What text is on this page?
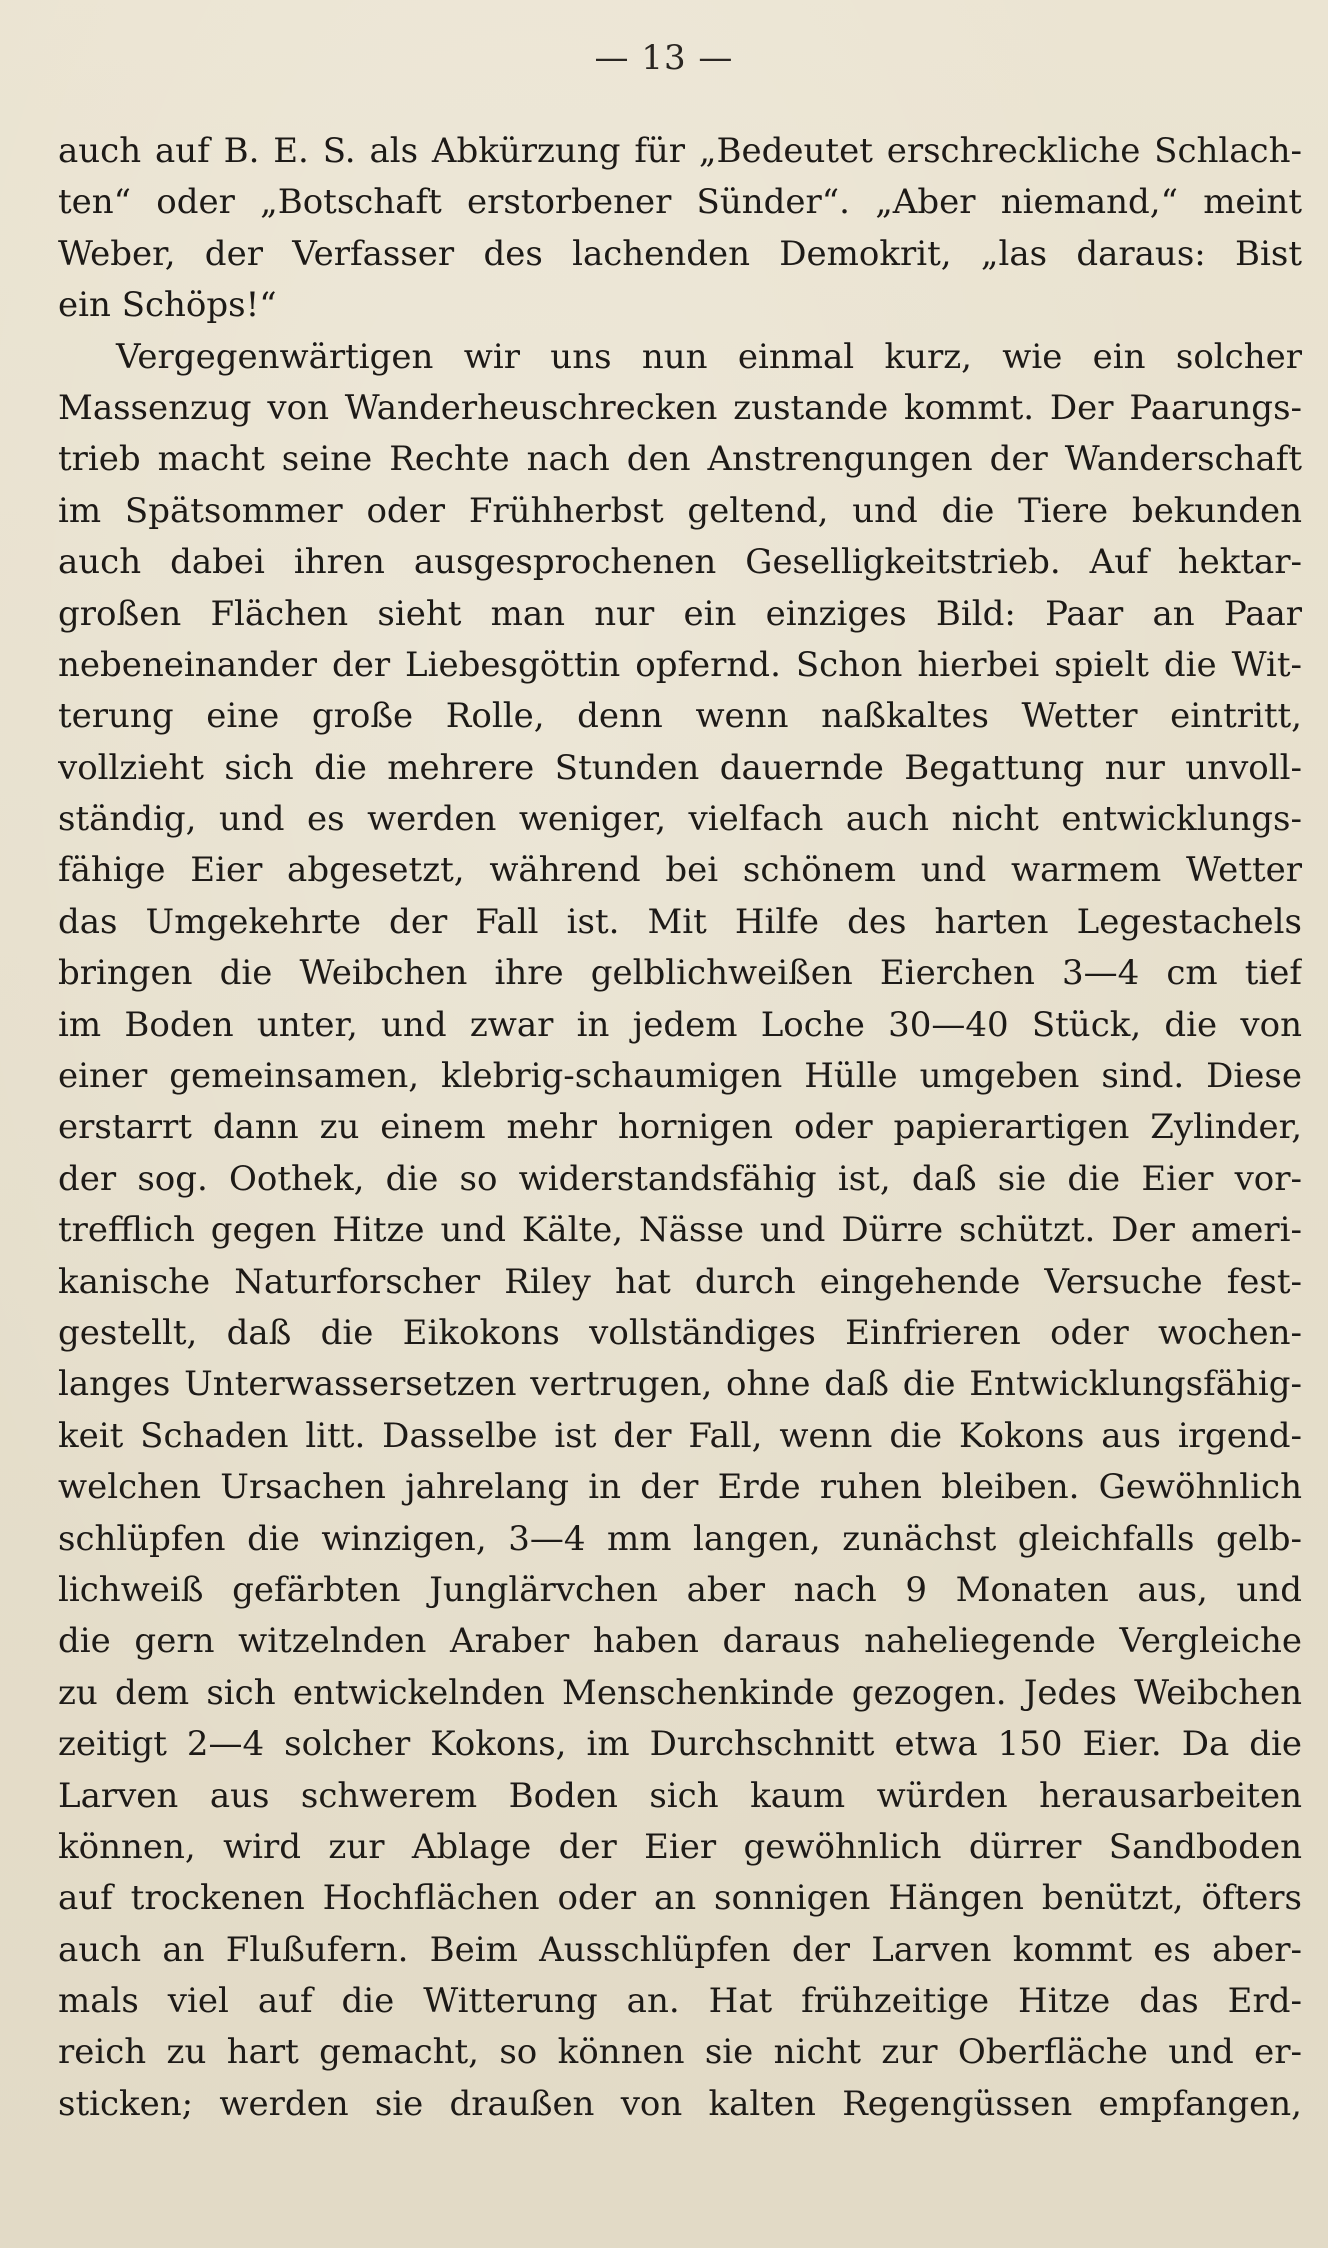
— 13 —
auch auf B. E. S. als Abkürzung für „Bedeutet erschreckliche Schlach-
ten“ oder „Botschaft erstorbener Sünder“. „Aber niemand,“ meint
Weber, der Verfasser des lachenden Demokrit, „las daraus: Bist
ein Schöps!“
Vergegenwärtigen wir uns nun einmal kurz, wie ein solcher
Massenzug von Wanderheuschrecken zustande kommt. Der Paarungs-
trieb macht seine Rechte nach den Anstrengungen der Wanderschaft
im Spätsommer oder Frühherbst geltend, und die Tiere bekunden
auch dabei ihren ausgesprochenen Geselligkeitstrieb. Auf hektar-
großen Flächen sieht man nur ein einziges Bild: Paar an Paar
nebeneinander der Liebesgöttin opfernd. Schon hierbei spielt die Wit-
terung eine große Rolle, denn wenn naßkaltes Wetter eintritt,
vollzieht sich die mehrere Stunden dauernde Begattung nur unvoll-
ständig, und es werden weniger, vielfach auch nicht entwicklungs-
fähige Eier abgesetzt, während bei schönem und warmem Wetter
das Umgekehrte der Fall ist. Mit Hilfe des harten Legestachels
bringen die Weibchen ihre gelblichweißen Eierchen 3—4 cm tief
im Boden unter, und zwar in jedem Loche 30—40 Stück, die von
einer gemeinsamen, klebrig-schaumigen Hülle umgeben sind. Diese
erstarrt dann zu einem mehr hornigen oder papierartigen Zylinder,
der sog. Oothek, die so widerstandsfähig ist, daß sie die Eier vor-
trefflich gegen Hitze und Kälte, Nässe und Dürre schützt. Der ameri-
kanische Naturforscher Riley hat durch eingehende Versuche fest-
gestellt, daß die Eikokons vollständiges Einfrieren oder wochen-
langes Unterwassersetzen vertrugen, ohne daß die Entwicklungsfähig-
keit Schaden litt. Dasselbe ist der Fall, wenn die Kokons aus irgend-
welchen Ursachen jahrelang in der Erde ruhen bleiben. Gewöhnlich
schlüpfen die winzigen, 3—4 mm langen, zunächst gleichfalls gelb-
lichweiß gefärbten Junglärvchen aber nach 9 Monaten aus, und
die gern witzelnden Araber haben daraus naheliegende Vergleiche
zu dem sich entwickelnden Menschenkinde gezogen. Jedes Weibchen
zeitigt 2—4 solcher Kokons, im Durchschnitt etwa 150 Eier. Da die
Larven aus schwerem Boden sich kaum würden herausarbeiten
können, wird zur Ablage der Eier gewöhnlich dürrer Sandboden
auf trockenen Hochflächen oder an sonnigen Hängen benützt, öfters
auch an Flußufern. Beim Ausschlüpfen der Larven kommt es aber-
mals viel auf die Witterung an. Hat frühzeitige Hitze das Erd-
reich zu hart gemacht, so können sie nicht zur Oberfläche und er-
sticken; werden sie draußen von kalten Regengüssen empfangen,
